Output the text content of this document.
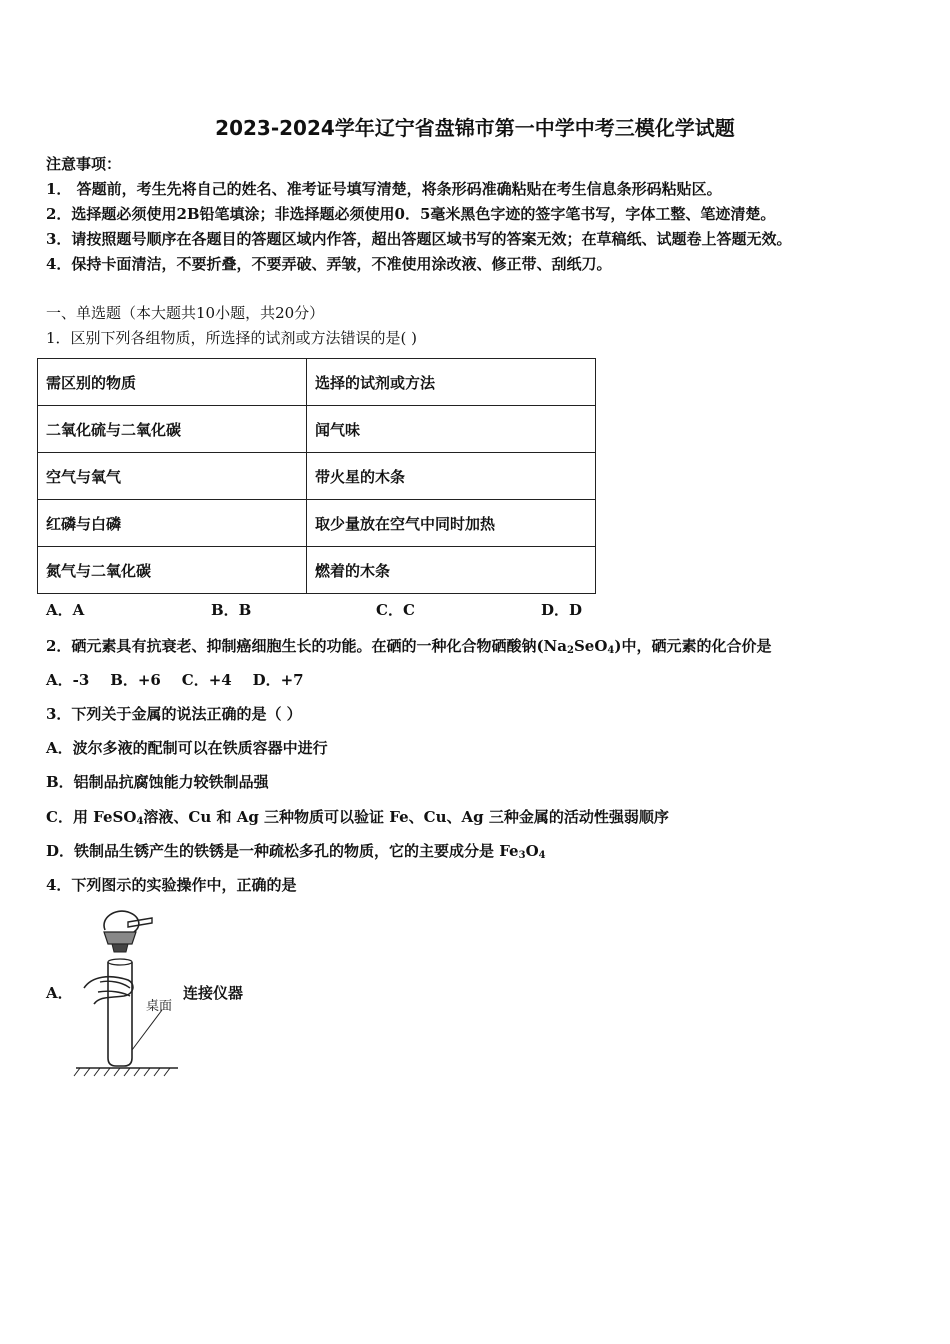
2023-2024学年辽宁省盘锦市第一中学中考三模化学试题
注意事项：
1． 答题前，考生先将自己的姓名、准考证号填写清楚，将条形码准确粘贴在考生信息条形码粘贴区。
2．选择题必须使用2B铅笔填涂；非选择题必须使用0．5毫米黑色字迹的签字笔书写，字体工整、笔迹清楚。
3．请按照题号顺序在各题目的答题区域内作答，超出答题区域书写的答案无效；在草稿纸、试题卷上答题无效。
4．保持卡面清洁，不要折叠，不要弄破、弄皱，不准使用涂改液、修正带、刮纸刀。
一、单选题（本大题共10小题，共20分）
1．区别下列各组物质，所选择的试剂或方法错误的是( )
需区别的物质	选择的试剂或方法
二氧化硫与二氧化碳	闻气味
空气与氧气	带火星的木条
红磷与白磷	取少量放在空气中同时加热
氮气与二氧化碳	燃着的木条
A．A	B．B	C．C	D．D
2．硒元素具有抗衰老、抑制癌细胞生长的功能。在硒的一种化合物硒酸钠$(Na_2SeO_4)$中，硒元素的化合价是
A．-3    B．+6    C．+4    D．+7
3．下列关于金属的说法正确的是（ ）
A．波尔多液的配制可以在铁质容器中进行
B．铝制品抗腐蚀能力较铁制品强
C．用 FeSO$_4$溶液、Cu 和 Ag 三种物质可以验证 Fe、Cu、Ag 三种金属的活动性强弱顺序
D．铁制品生锈产生的铁锈是一种疏松多孔的物质，它的主要成分是 $Fe_3O_4$
4．下列图示的实验操作中，正确的是
A．
桌面
连接仪器
